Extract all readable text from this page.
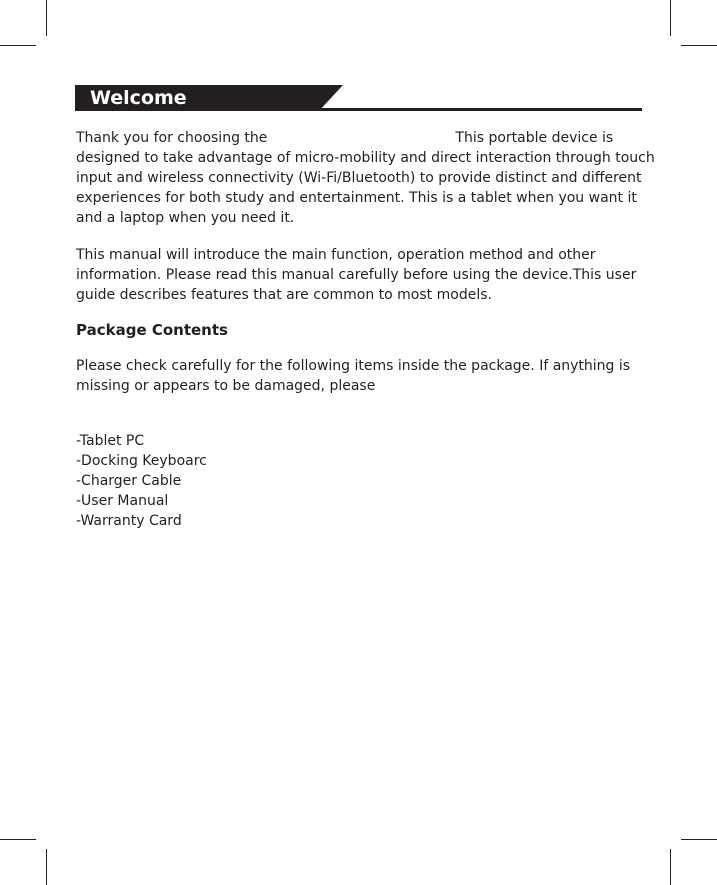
Welcome

Thank you for choosing the	This portable device is
designed to take advantage of micro-mobility and direct interaction through touch
input and wireless connectivity (Wi-Fi/Bluetooth) to provide distinct and different
experiences for both study and entertainment. This is a tablet when you want it
and a laptop when you need it.

This manual will introduce the main function, operation method and other
information. Please read this manual carefully before using the device.This user
guide describes features that are common to most models.

Package Contents

Please check carefully for the following items inside the package. If anything is
missing or appears to be damaged, please

-Tablet PC
-Docking Keyboarc
-Charger Cable
-User Manual
-Warranty Card
